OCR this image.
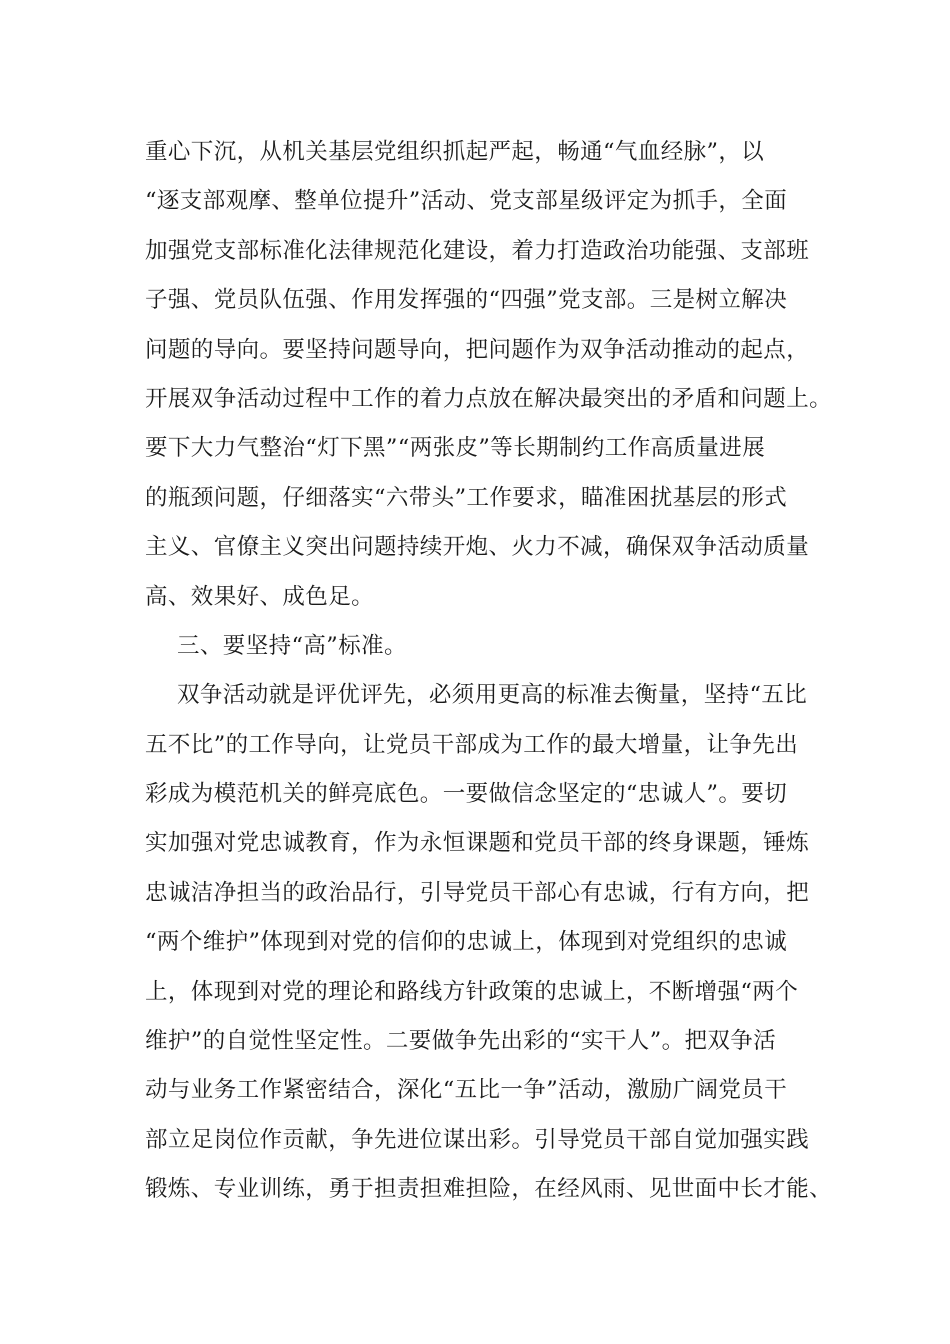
重心下沉，从机关基层党组织抓起严起，畅通“气血经脉”，以
“逐支部观摩、整单位提升”活动、党支部星级评定为抓手，全面
加强党支部标准化法律规范化建设，着力打造政治功能强、支部班
子强、党员队伍强、作用发挥强的“四强”党支部。三是树立解决
问题的导向。要坚持问题导向，把问题作为双争活动推动的起点，
开展双争活动过程中工作的着力点放在解决最突出的矛盾和问题上。
要下大力气整治“灯下黑”“两张皮”等长期制约工作高质量进展
的瓶颈问题，仔细落实“六带头”工作要求，瞄准困扰基层的形式
主义、官僚主义突出问题持续开炮、火力不减，确保双争活动质量
高、效果好、成色足。
三、要坚持“高”标准。
双争活动就是评优评先，必须用更高的标准去衡量，坚持“五比
五不比”的工作导向，让党员干部成为工作的最大增量，让争先出
彩成为模范机关的鲜亮底色。一要做信念坚定的“忠诚人”。要切
实加强对党忠诚教育，作为永恒课题和党员干部的终身课题，锤炼
忠诚洁净担当的政治品行，引导党员干部心有忠诚，行有方向，把
“两个维护”体现到对党的信仰的忠诚上，体现到对党组织的忠诚
上，体现到对党的理论和路线方针政策的忠诚上，不断增强“两个
维护”的自觉性坚定性。二要做争先出彩的“实干人”。把双争活
动与业务工作紧密结合，深化“五比一争”活动，激励广阔党员干
部立足岗位作贡献，争先进位谋出彩。引导党员干部自觉加强实践
锻炼、专业训练，勇于担责担难担险，在经风雨、见世面中长才能、
